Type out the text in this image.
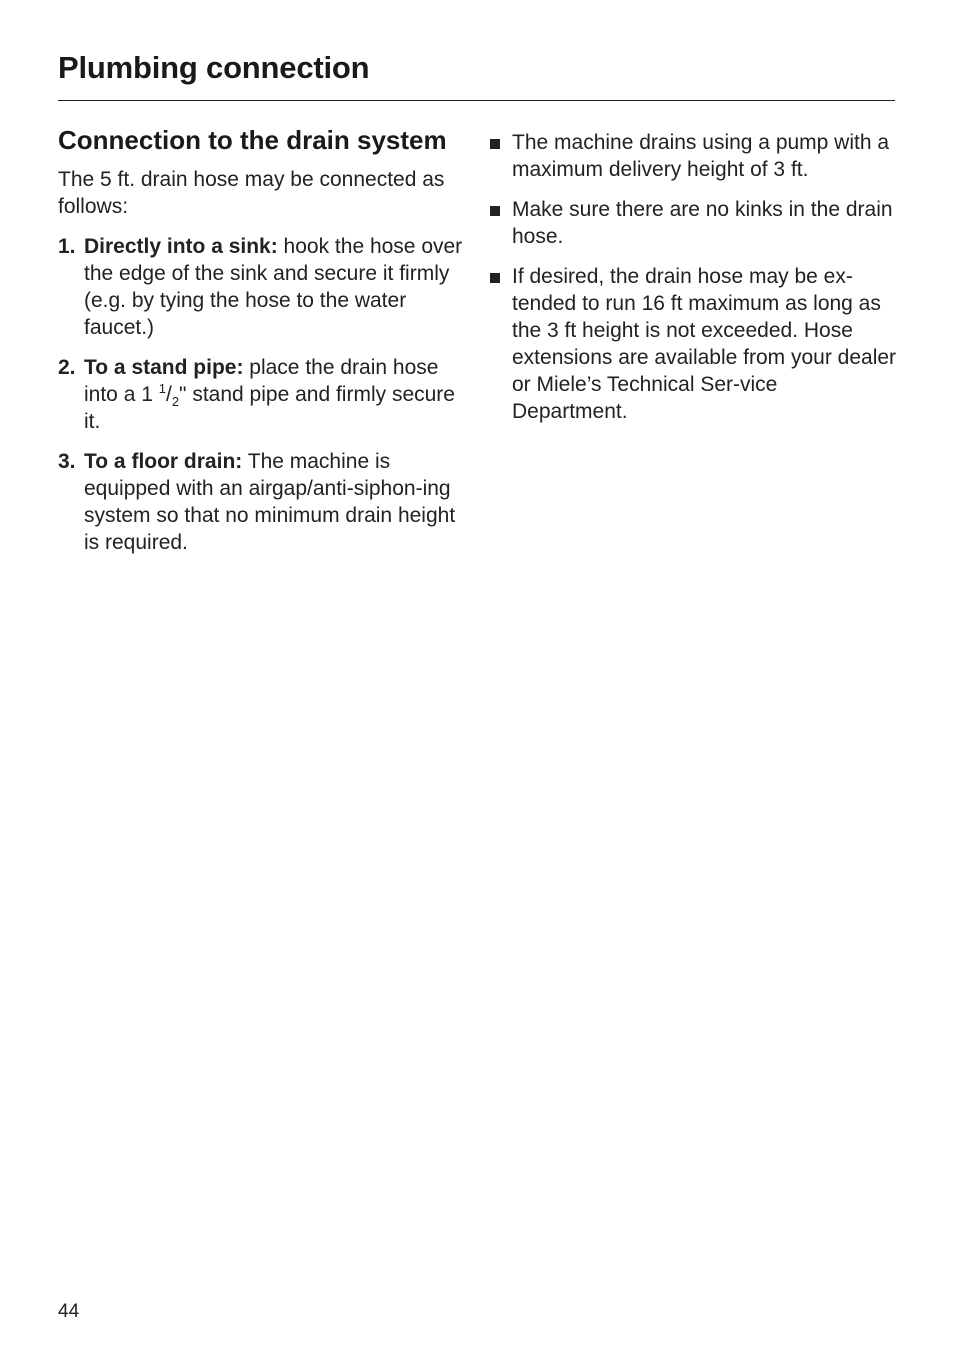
Plumbing connection
Connection to the drain system

The 5 ft. drain hose may be connected as follows:

1. Directly into a sink: hook the hose over the edge of the sink and secure it firmly (e.g. by tying the hose to the water faucet.)
2. To a stand pipe: place the drain hose into a 1 $^1/_2$" stand pipe and firmly secure it.
3. To a floor drain: The machine is equipped with an airgap/anti-siphon-ing system so that no minimum drain height is required.
The machine drains using a pump with a maximum delivery height of 3 ft.
Make sure there are no kinks in the drain hose.
If desired, the drain hose may be ex-tended to run 16 ft maximum as long as the 3 ft height is not exceeded. Hose extensions are available from your dealer or Miele’s Technical Ser-vice Department.
44
